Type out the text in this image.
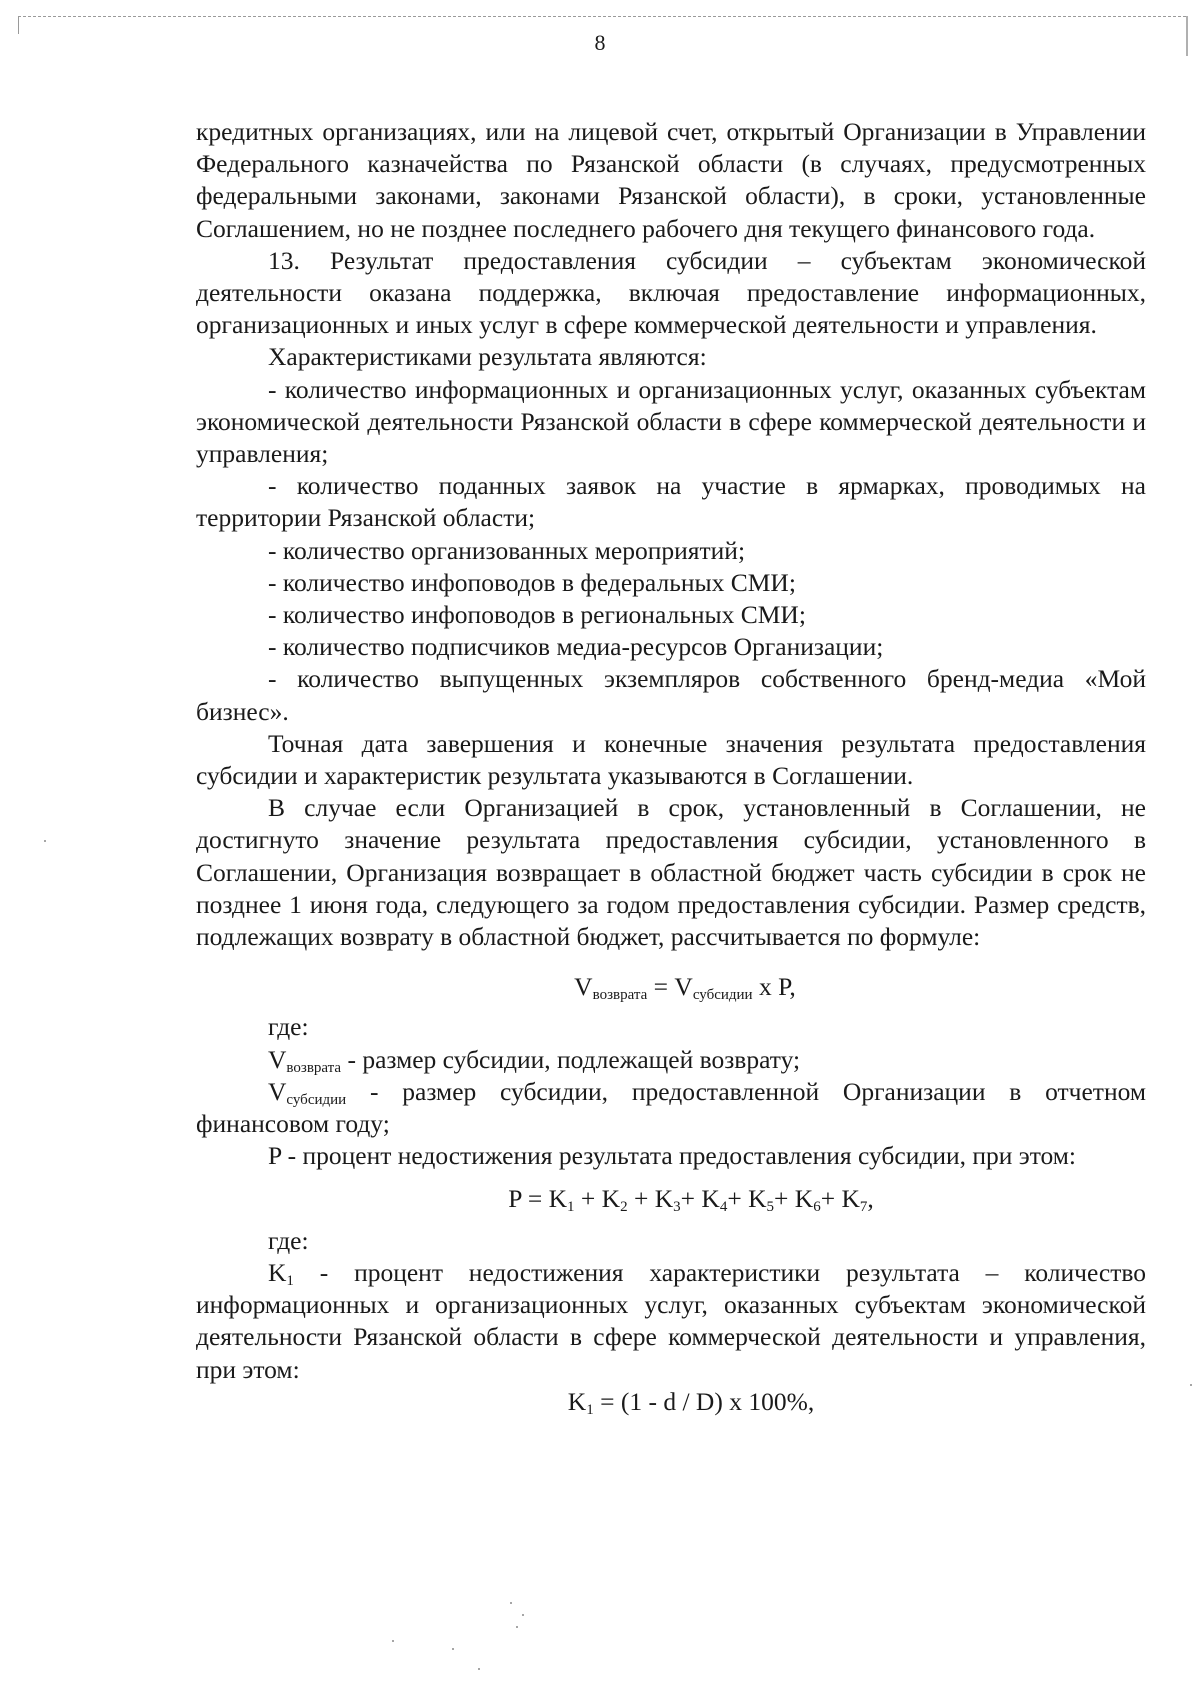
8

кредитных организациях, или на лицевой счет, открытый Организации в Управлении Федерального казначейства по Рязанской области (в случаях, предусмотренных федеральными законами, законами Рязанской области), в сроки, установленные Соглашением, но не позднее последнего рабочего дня текущего финансового года.

13. Результат предоставления субсидии – субъектам экономической деятельности оказана поддержка, включая предоставление информационных, организационных и иных услуг в сфере коммерческой деятельности и управления.

Характеристиками результата являются:

- количество информационных и организационных услуг, оказанных субъектам экономической деятельности Рязанской области в сфере коммерческой деятельности и управления;

- количество поданных заявок на участие в ярмарках, проводимых на территории Рязанской области;

- количество организованных мероприятий;

- количество инфоповодов в федеральных СМИ;

- количество инфоповодов в региональных СМИ;

- количество подписчиков медиа-ресурсов Организации;

- количество выпущенных экземпляров собственного бренд-медиа «Мой бизнес».

Точная дата завершения и конечные значения результата предоставления субсидии и характеристик результата указываются в Соглашении.

В случае если Организацией в срок, установленный в Соглашении, не достигнуто значение результата предоставления субсидии, установленного в Соглашении, Организация возвращает в областной бюджет часть субсидии в срок не позднее 1 июня года, следующего за годом предоставления субсидии. Размер средств, подлежащих возврату в областной бюджет, рассчитывается по формуле:

$V_{возврата} = V_{субсидии}$ x P,

где:

$V_{возврата}$ - размер субсидии, подлежащей возврату;

$V_{субсидии}$ - размер субсидии, предоставленной Организации в отчетном финансовом году;

P - процент недостижения результата предоставления субсидии, при этом:

$P = K_1 + K_2 + K_3+ K_4+ K_5+ K_6+ K_7$,

где:

$K_1$ - процент недостижения характеристики результата – количество информационных и организационных услуг, оказанных субъектам экономической деятельности Рязанской области в сфере коммерческой деятельности и управления, при этом:

$K_1 = (1 - d / D)$ x 100%,
